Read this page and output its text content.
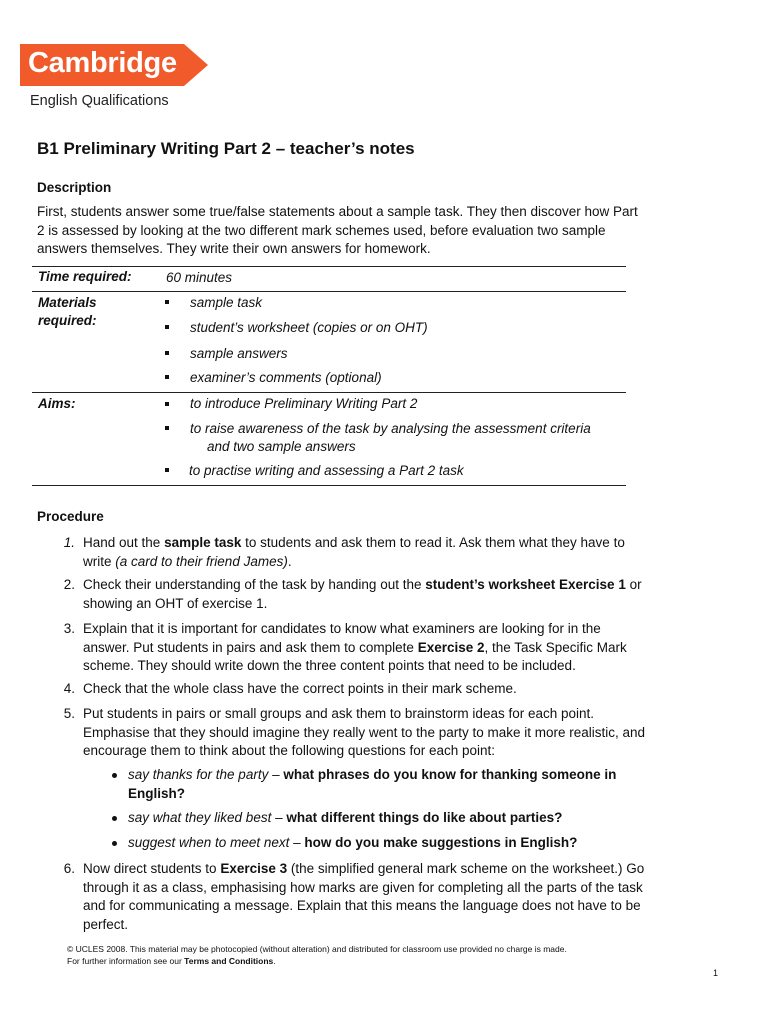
Cambridge
English Qualifications
B1 Preliminary Writing Part 2 – teacher’s notes
Description

First, students answer some true/false statements about a sample task. They then discover how Part
2 is assessed by looking at the two different mark schemes used, before evaluation two sample
answers themselves. They write their own answers for homework.

Time required:	60 minutes
Materials
required:
sample task
student’s worksheet (copies or on OHT)
sample answers
examiner’s comments (optional)
Aims:	to introduce Preliminary Writing Part 2
to raise awareness of the task by analysing the assessment criteria
and two sample answers
to practise writing and assessing a Part 2 task
Procedure
1. Hand out the sample task to students and ask them to read it. Ask them what they have to
write (a card to their friend James).
2. Check their understanding of the task by handing out the student’s worksheet Exercise 1 or
showing an OHT of exercise 1.
3. Explain that it is important for candidates to know what examiners are looking for in the
answer. Put students in pairs and ask them to complete Exercise 2, the Task Specific Mark
scheme. They should write down the three content points that need to be included.
4. Check that the whole class have the correct points in their mark scheme.
5. Put students in pairs or small groups and ask them to brainstorm ideas for each point.
Emphasise that they should imagine they really went to the party to make it more realistic, and
encourage them to think about the following questions for each point:
say thanks for the party – what phrases do you know for thanking someone in
English?
say what they liked best – what different things do like about parties?
suggest when to meet next – how do you make suggestions in English?
6. Now direct students to Exercise 3 (the simplified general mark scheme on the worksheet.) Go
through it as a class, emphasising how marks are given for completing all the parts of the task
and for communicating a message. Explain that this means the language does not have to be
perfect.
© UCLES 2008. This material may be photocopied (without alteration) and distributed for classroom use provided no charge is made.
For further information see our Terms and Conditions.
1
